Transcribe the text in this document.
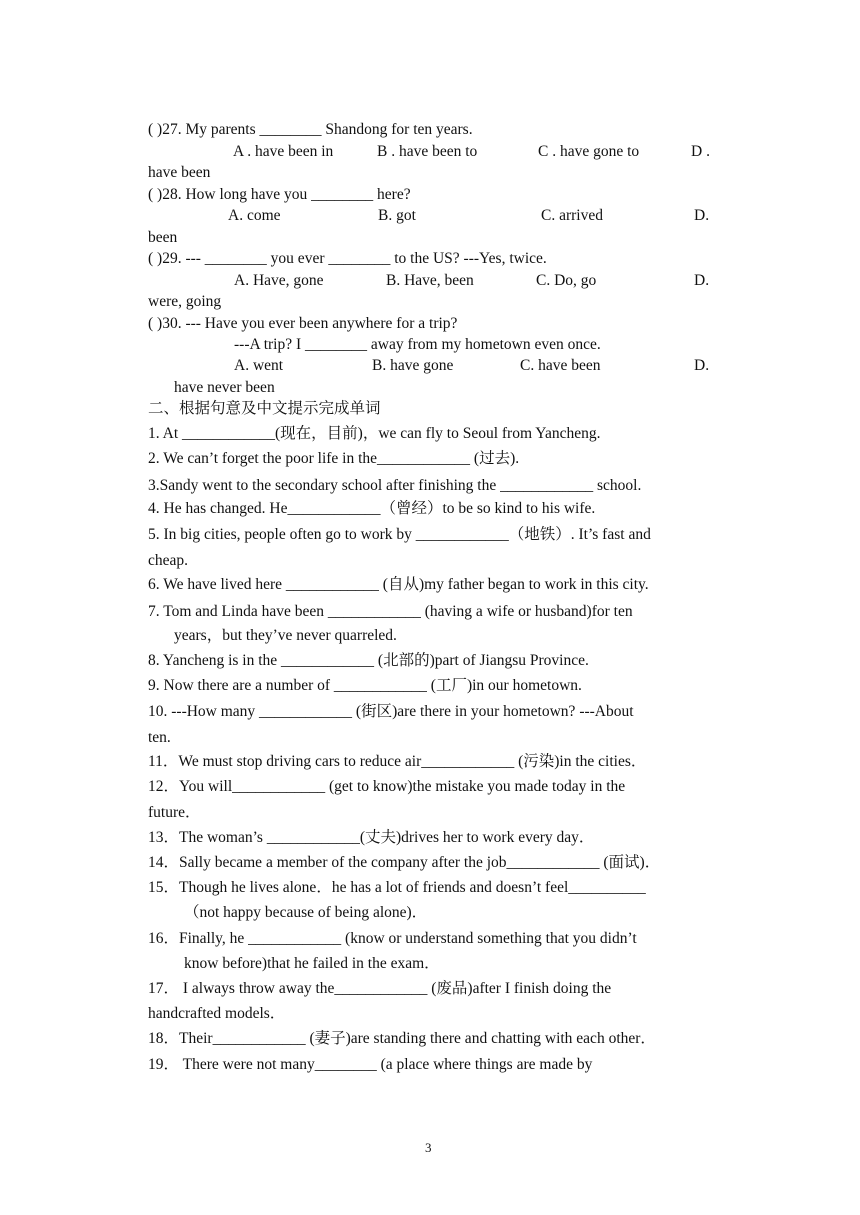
( )27. My parents ________ Shandong for ten years.
A . have been in	B . have been to	C . have gone to	D .
have been
( )28. How long have you ________ here?
A. come	B. got	C. arrived	D.
been
( )29. --- ________ you ever ________ to the US? ---Yes, twice.
A. Have, gone	B. Have, been	C. Do, go	D.
were, going
( )30. --- Have you ever been anywhere for a trip?
---A trip? I ________ away from my hometown even once.
A. went	B. have gone	C. have been	D.
have never been
二、根据句意及中文提示完成单词
1. At ____________(现在，目前)，we can fly to Seoul from Yancheng.
2. We can’t forget the poor life in the____________ (过去).
3.Sandy went to the secondary school after finishing the ____________ school.
4. He has changed. He____________（曾经）to be so kind to his wife.
5. In big cities, people often go to work by ____________（地铁）. It’s fast and
cheap.
6. We have lived here ____________ (自从)my father began to work in this city.
7. Tom and Linda have been ____________ (having a wife or husband)for ten
years，but they’ve never quarreled.
8. Yancheng is in the ____________ (北部的)part of Jiangsu Province.
9. Now there are a number of ____________ (工厂)in our hometown.
10. ---How many ____________ (街区)are there in your hometown? ---About
ten.
11．We must stop driving cars to reduce air____________ (污染)in the cities．
12．You will____________ (get to know)the mistake you made today in the
future．
13．The woman’s ____________(丈夫)drives her to work every day．
14．Sally became a member of the company after the job____________ (面试)．
15．Though he lives alone．he has a lot of friends and doesn’t feel__________
（not happy because of being alone)．
16．Finally, he ____________ (know or understand something that you didn’t
know before)that he failed in the exam．
17． I always throw away the____________ (废品)after I finish doing the
handcrafted models．
18．Their____________ (妻子)are standing there and chatting with each other．
19． There were not many________ (a place where things are made by
3
